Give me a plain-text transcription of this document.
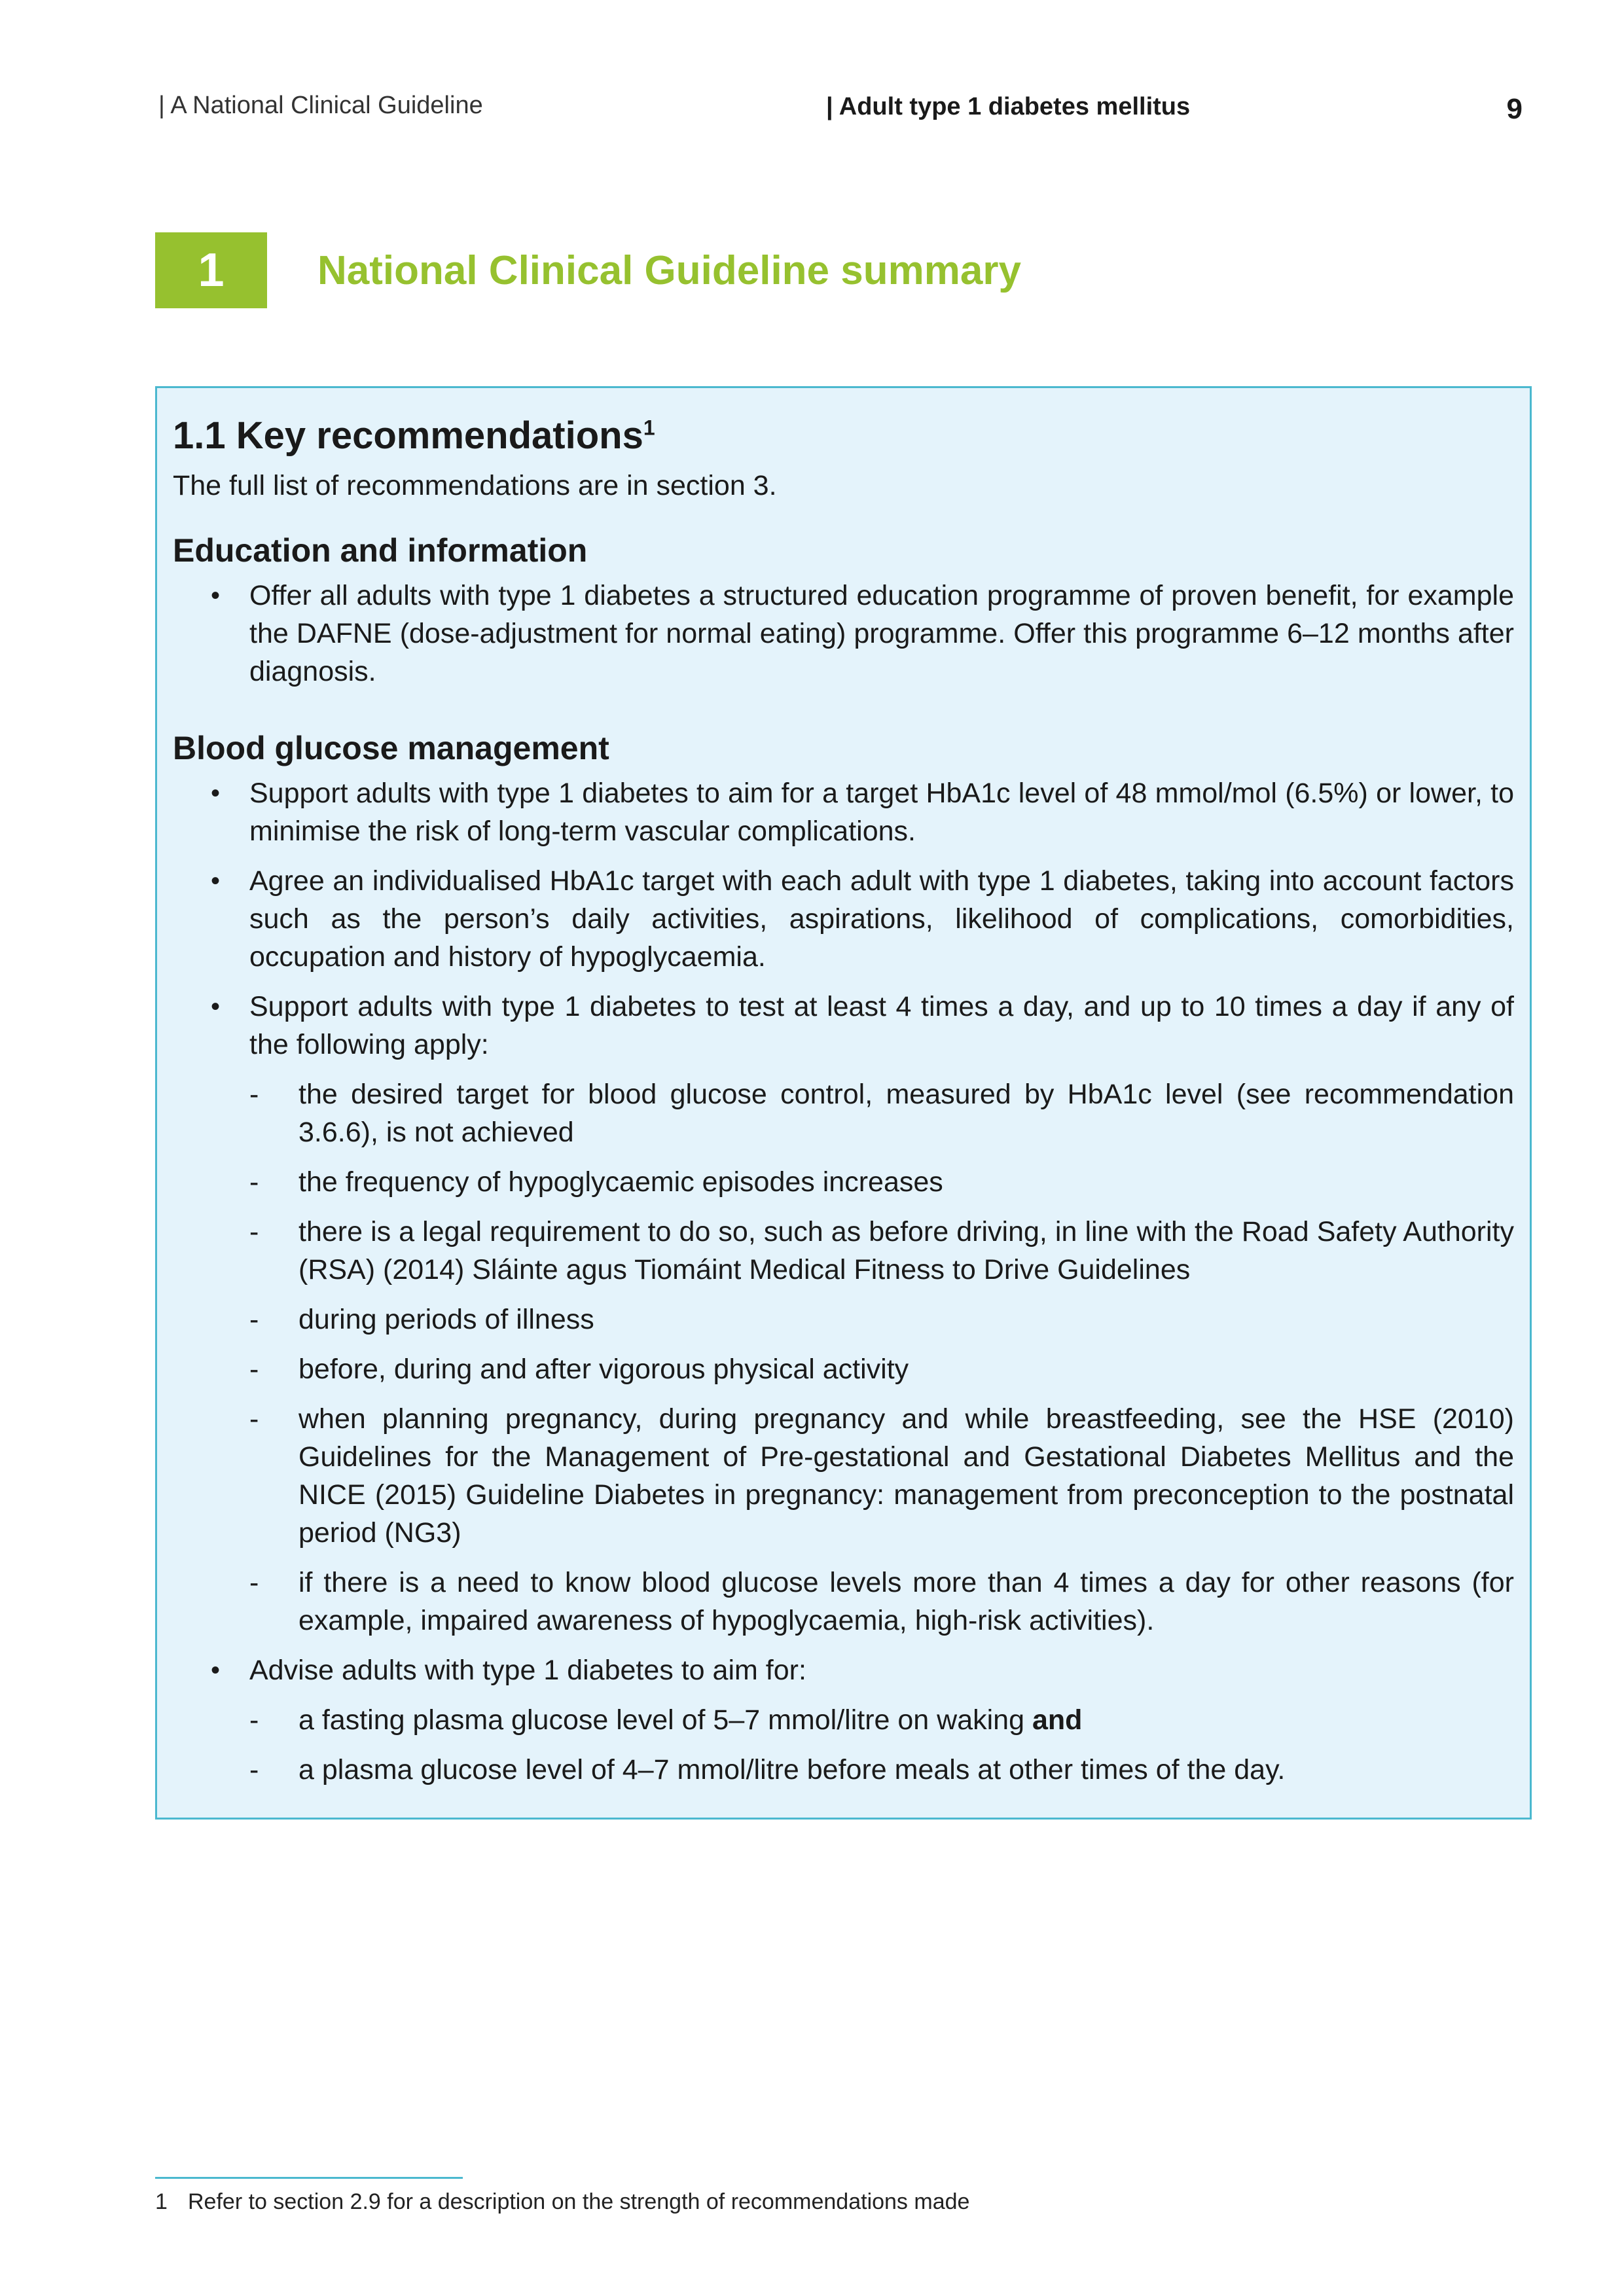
| A National Clinical Guideline	| Adult type 1 diabetes mellitus	9
1 National Clinical Guideline summary
1.1 Key recommendations$^1$

The full list of recommendations are in section 3.

Education and information
• Offer all adults with type 1 diabetes a structured education programme of proven benefit, for example the DAFNE (dose-adjustment for normal eating) programme. Offer this programme 6–12 months after diagnosis.
Blood glucose management
• Support adults with type 1 diabetes to aim for a target HbA1c level of 48 mmol/mol (6.5%) or lower, to minimise the risk of long-term vascular complications.
• Agree an individualised HbA1c target with each adult with type 1 diabetes, taking into account factors such as the person’s daily activities, aspirations, likelihood of complications, comorbidities, occupation and history of hypoglycaemia.
• Support adults with type 1 diabetes to test at least 4 times a day, and up to 10 times a day if any of the following apply:
- the desired target for blood glucose control, measured by HbA1c level (see recommendation 3.6.6), is not achieved
- the frequency of hypoglycaemic episodes increases
- there is a legal requirement to do so, such as before driving, in line with the Road Safety Authority (RSA) (2014) Sláinte agus Tiomáint Medical Fitness to Drive Guidelines
- during periods of illness
- before, during and after vigorous physical activity
- when planning pregnancy, during pregnancy and while breastfeeding, see the HSE (2010) Guidelines for the Management of Pre-gestational and Gestational Diabetes Mellitus and the NICE (2015) Guideline Diabetes in pregnancy: management from preconception to the postnatal period (NG3)
- if there is a need to know blood glucose levels more than 4 times a day for other reasons (for example, impaired awareness of hypoglycaemia, high-risk activities).
• Advise adults with type 1 diabetes to aim for:
- a fasting plasma glucose level of 5–7 mmol/litre on waking and
- a plasma glucose level of 4–7 mmol/litre before meals at other times of the day.
1 Refer to section 2.9 for a description on the strength of recommendations made
